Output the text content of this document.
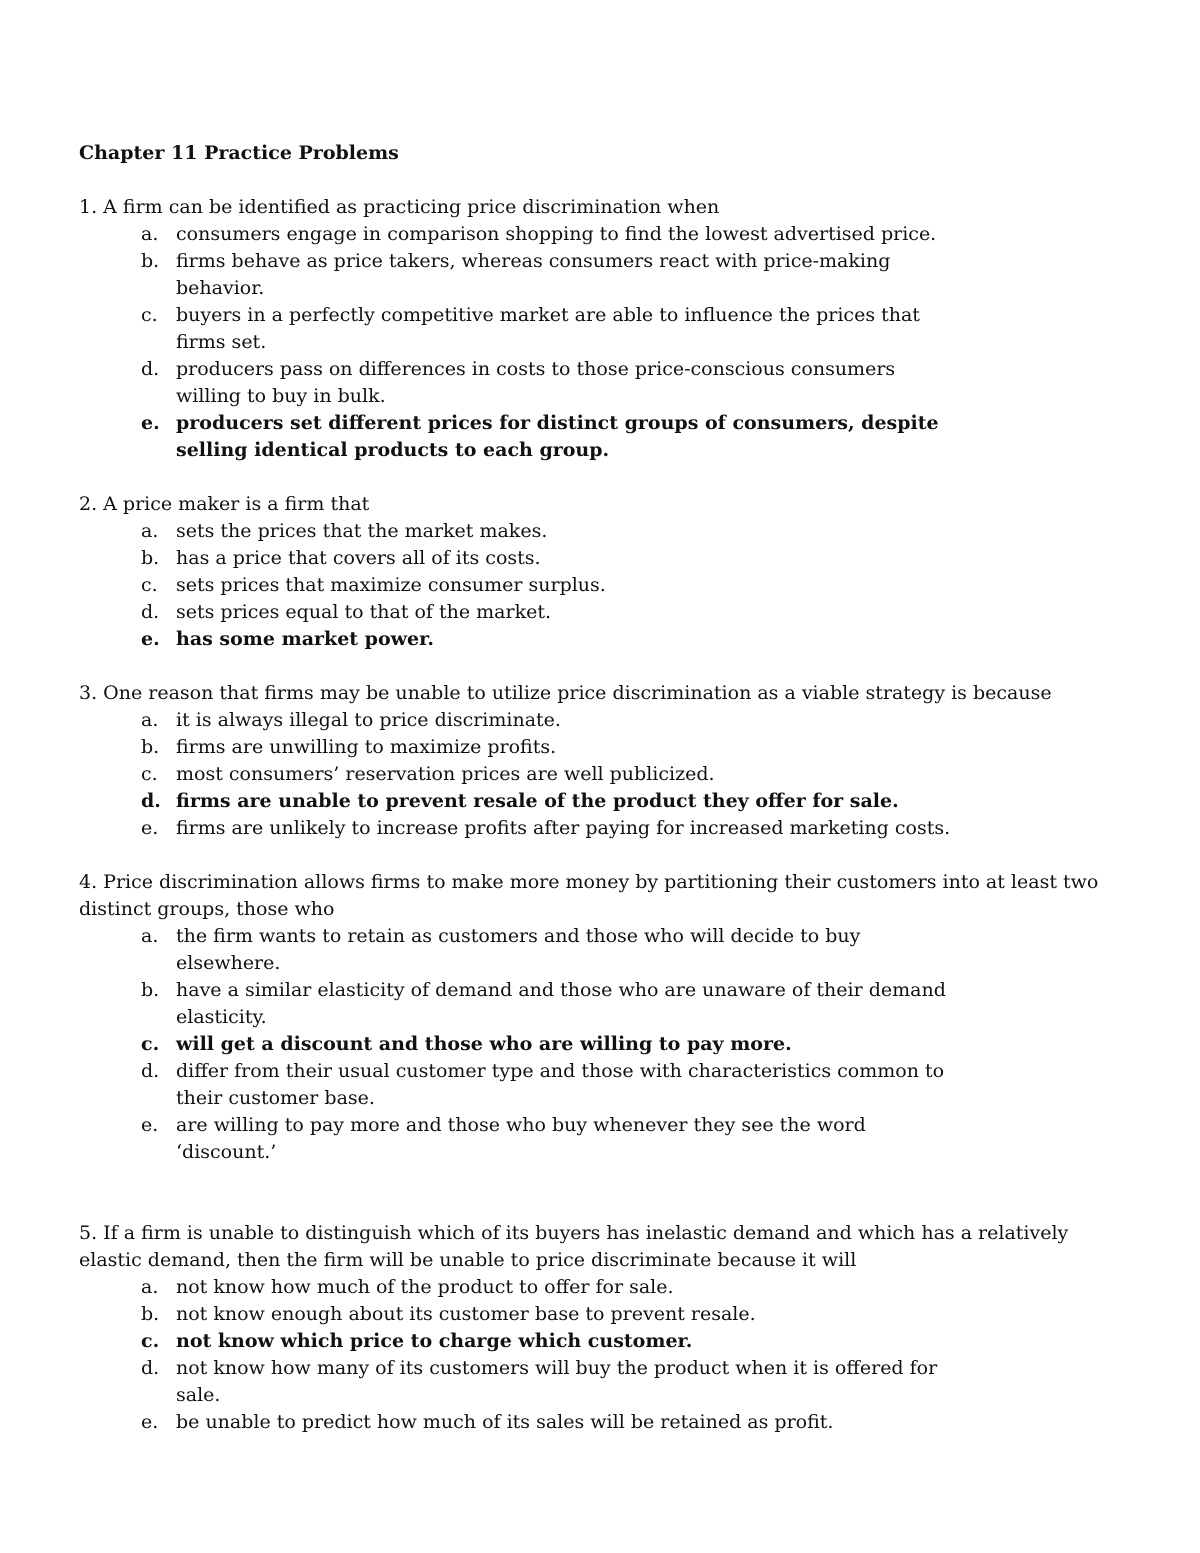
Chapter 11 Practice Problems
1. A firm can be identified as practicing price discrimination when
a. consumers engage in comparison shopping to find the lowest advertised price.
b. firms behave as price takers, whereas consumers react with price-making behavior.
c. buyers in a perfectly competitive market are able to influence the prices that firms set.
d. producers pass on differences in costs to those price-conscious consumers willing to buy in bulk.
e. producers set different prices for distinct groups of consumers, despite selling identical products to each group.
2. A price maker is a firm that
a. sets the prices that the market makes.
b. has a price that covers all of its costs.
c. sets prices that maximize consumer surplus.
d. sets prices equal to that of the market.
e. has some market power.
3. One reason that firms may be unable to utilize price discrimination as a viable strategy is because
a. it is always illegal to price discriminate.
b. firms are unwilling to maximize profits.
c. most consumers’ reservation prices are well publicized.
d. firms are unable to prevent resale of the product they offer for sale.
e. firms are unlikely to increase profits after paying for increased marketing costs.
4. Price discrimination allows firms to make more money by partitioning their customers into at least two distinct groups, those who
a. the firm wants to retain as customers and those who will decide to buy elsewhere.
b. have a similar elasticity of demand and those who are unaware of their demand elasticity.
c. will get a discount and those who are willing to pay more.
d. differ from their usual customer type and those with characteristics common to their customer base.
e. are willing to pay more and those who buy whenever they see the word ‘discount.’
5. If a firm is unable to distinguish which of its buyers has inelastic demand and which has a relatively elastic demand, then the firm will be unable to price discriminate because it will
a. not know how much of the product to offer for sale.
b. not know enough about its customer base to prevent resale.
c. not know which price to charge which customer.
d. not know how many of its customers will buy the product when it is offered for sale.
e. be unable to predict how much of its sales will be retained as profit.
